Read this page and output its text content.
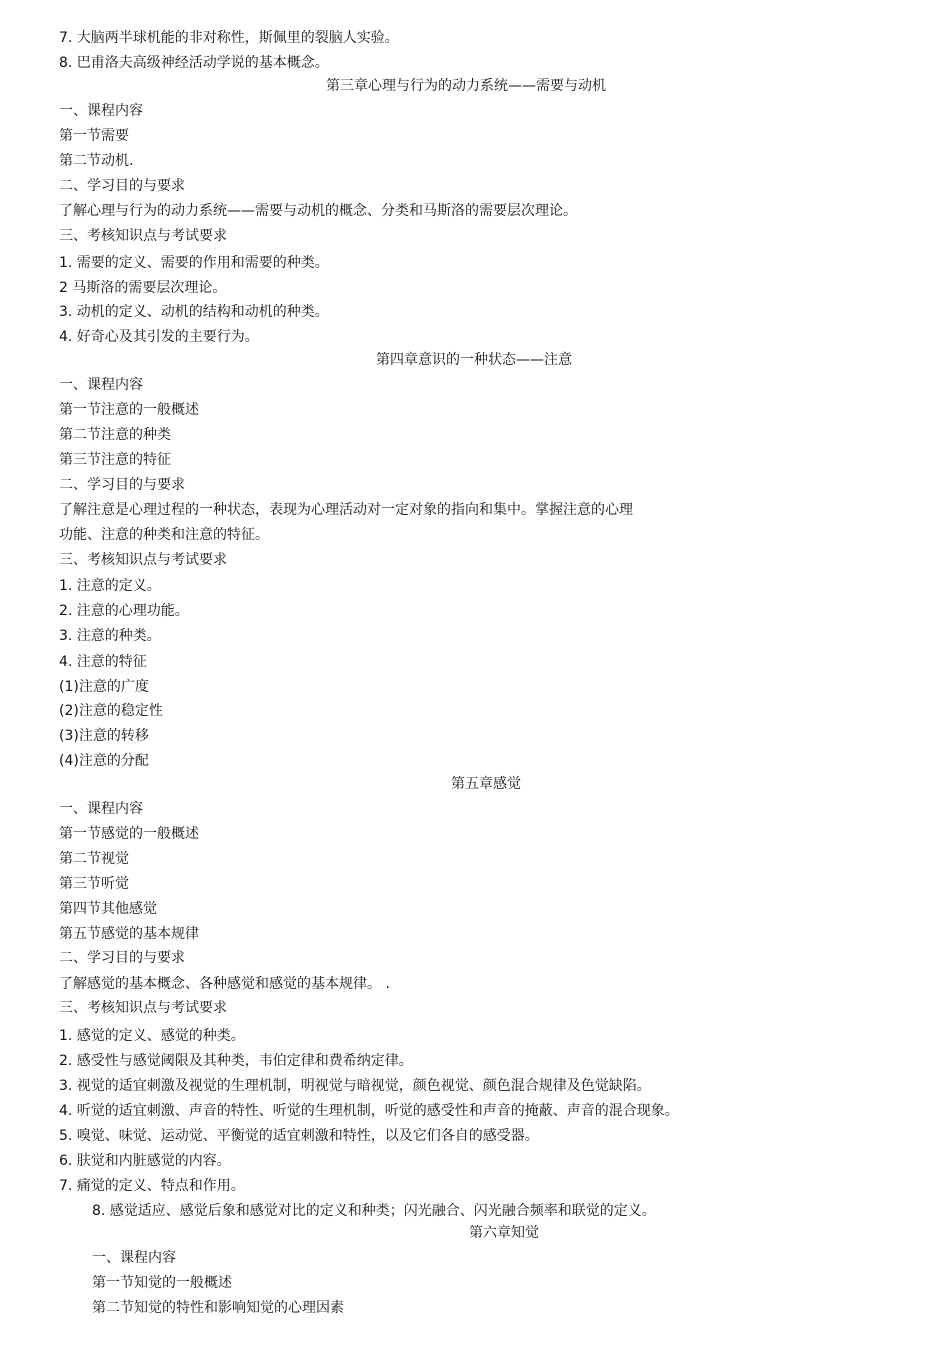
7. 大脑两半球机能的非对称性，斯佩里的裂脑人实验。
8. 巴甫洛夫高级神经活动学说的基本概念。
第三章心理与行为的动力系统——需要与动机
一、课程内容
第一节需要
第二节动机.
二、学习目的与要求
了解心理与行为的动力系统——需要与动机的概念、分类和马斯洛的需要层次理论。
三、考核知识点与考试要求
1. 需要的定义、需要的作用和需要的种类。
2 马斯洛的需要层次理论。
3. 动机的定义、动机的结构和动机的种类。
4. 好奇心及其引发的主要行为。
第四章意识的一种状态——注意
一、课程内容
第一节注意的一般概述
第二节注意的种类
第三节注意的特征
二、学习目的与要求
了解注意是心理过程的一种状态，表现为心理活动对一定对象的指向和集中。掌握注意的心理
功能、注意的种类和注意的特征。
三、考核知识点与考试要求
1. 注意的定义。
2. 注意的心理功能。
3. 注意的种类。
4. 注意的特征
(1)注意的广度
(2)注意的稳定性
(3)注意的转移
(4)注意的分配
第五章感觉
一、课程内容
第一节感觉的一般概述
第二节视觉
第三节听觉
第四节其他感觉
第五节感觉的基本规律
二、学习目的与要求
了解感觉的基本概念、各种感觉和感觉的基本规律。 .
三、考核知识点与考试要求
1. 感觉的定义、感觉的种类。
2. 感受性与感觉阈限及其种类，韦伯定律和费希纳定律。
3. 视觉的适宜刺激及视觉的生理机制，明视觉与暗视觉，颜色视觉、颜色混合规律及色觉缺陷。
4. 听觉的适宜刺激、声音的特性、听觉的生理机制，听觉的感受性和声音的掩蔽、声音的混合现象。
5. 嗅觉、味觉、运动觉、平衡觉的适宜刺激和特性，以及它们各自的感受器。
6. 肤觉和内脏感觉的内容。
7. 痛觉的定义、特点和作用。
8. 感觉适应、感觉后象和感觉对比的定义和种类；闪光融合、闪光融合频率和联觉的定义。
第六章知觉
一、课程内容
第一节知觉的一般概述
第二节知觉的特性和影响知觉的心理因素
